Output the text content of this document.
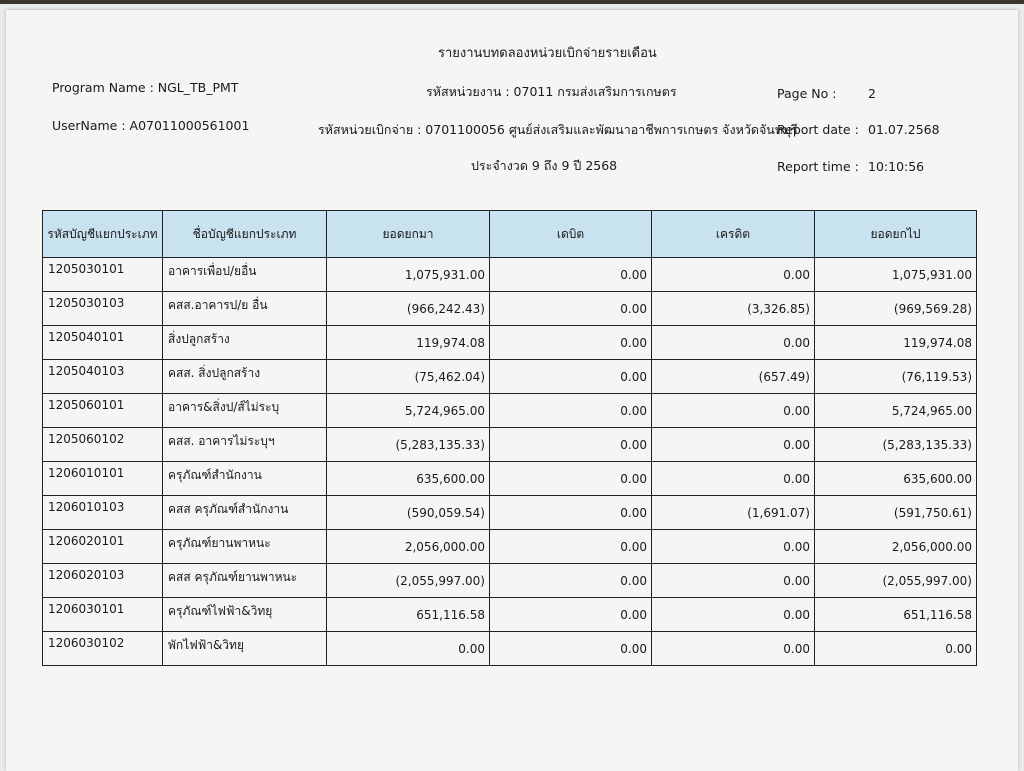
รายงานบทดลองหน่วยเบิกจ่ายรายเดือน
รหัสหน่วยงาน : 07011 กรมส่งเสริมการเกษตร
รหัสหน่วยเบิกจ่าย : 0701100056 ศูนย์ส่งเสริมและพัฒนาอาชีพการเกษตร จังหวัดจันทบุรี
ประจำงวด 9 ถึง 9 ปี 2568
Program Name : NGL_TB_PMT
UserName : A07011000561001
Page No :	2
Report date : 01.07.2568
Report time : 10:10:56
รหัสบัญชีแยกประเภท	ชื่อบัญชีแยกประเภท	ยอดยกมา	เดบิต	เครดิต	ยอดยกไป
1205030101	อาคารเพื่อป/ยอื่น	1,075,931.00	0.00	0.00	1,075,931.00
1205030103	คสส.อาคารป/ย อื่น	(966,242.43)	0.00	(3,326.85)	(969,569.28)
1205040101	สิ่งปลูกสร้าง	119,974.08	0.00	0.00	119,974.08
1205040103	คสส. สิ่งปลูกสร้าง	(75,462.04)	0.00	(657.49)	(76,119.53)
1205060101	อาคาร&สิ่งป/ส์ไม่ระบุ	5,724,965.00	0.00	0.00	5,724,965.00
1205060102	คสส. อาคารไม่ระบุฯ	(5,283,135.33)	0.00	0.00	(5,283,135.33)
1206010101	ครุภัณฑ์สำนักงาน	635,600.00	0.00	0.00	635,600.00
1206010103	คสส ครุภัณฑ์สำนักงาน	(590,059.54)	0.00	(1,691.07)	(591,750.61)
1206020101	ครุภัณฑ์ยานพาหนะ	2,056,000.00	0.00	0.00	2,056,000.00
1206020103	คสส ครุภัณฑ์ยานพาหนะ	(2,055,997.00)	0.00	0.00	(2,055,997.00)
1206030101	ครุภัณฑ์ไฟฟ้า&วิทยุ	651,116.58	0.00	0.00	651,116.58
1206030102	พักไฟฟ้า&วิทยุ	0.00	0.00	0.00	0.00
